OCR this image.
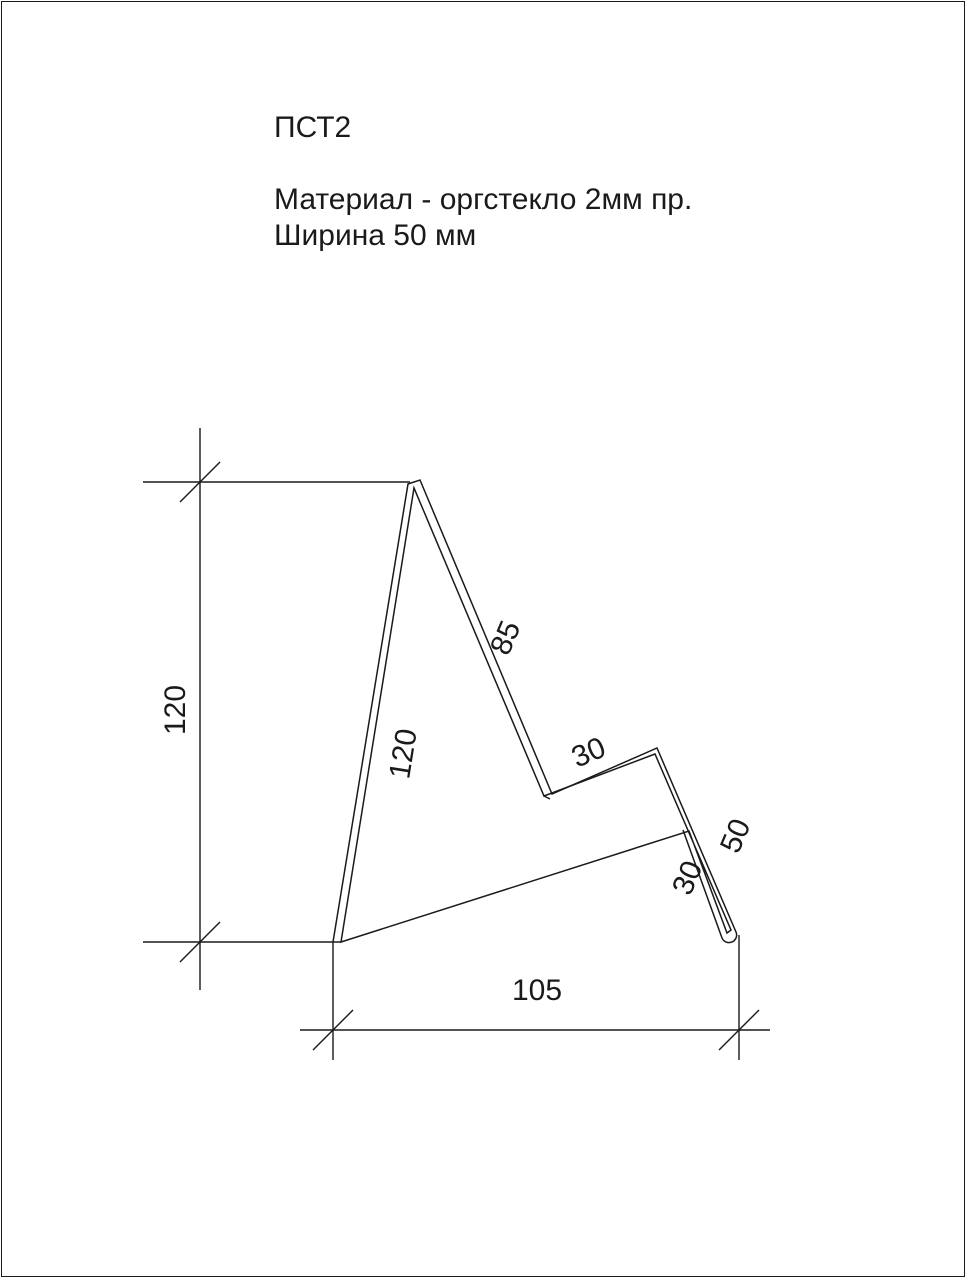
ПСТ2
Материал - оргстекло 2мм пр.
Ширина 50 мм
120
120
85
30
50
30
105
